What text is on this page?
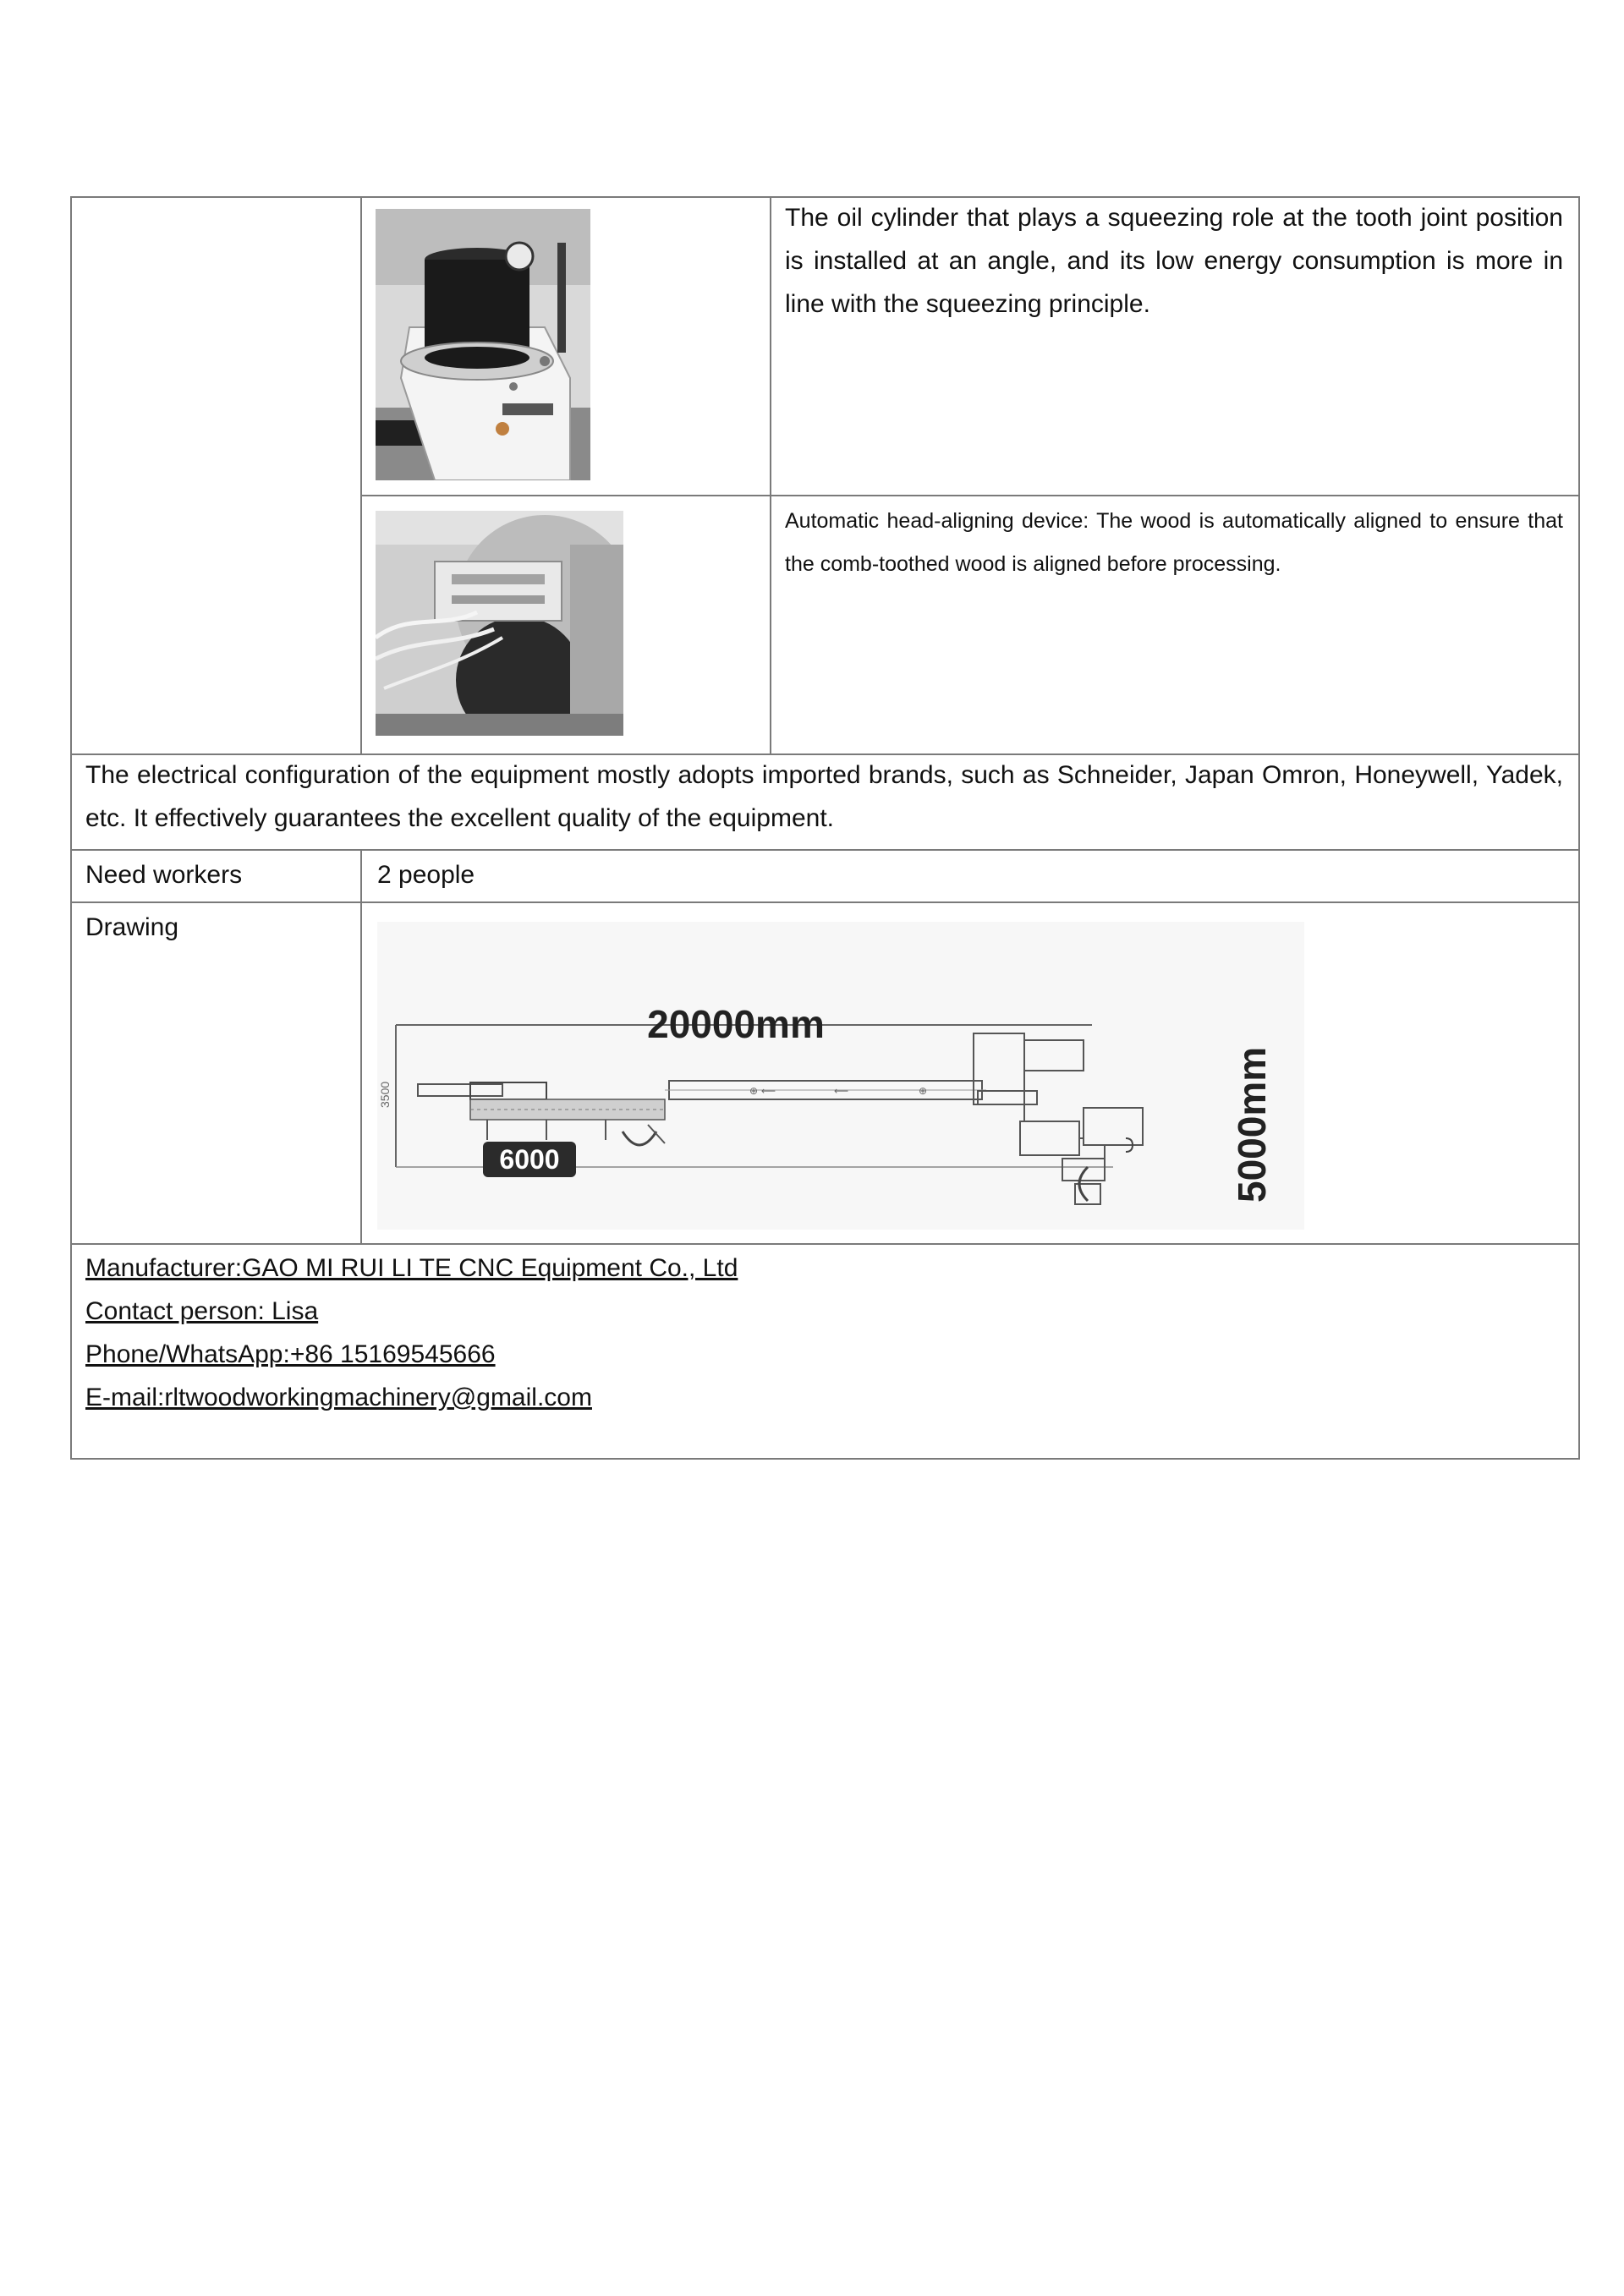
The oil cylinder that plays a squeezing role at the tooth joint position is installed at an angle, and its low energy consumption is more in line with the squeezing principle.
Automatic head-aligning device: The wood is automatically aligned to ensure that the comb-toothed wood is aligned before processing.
The electrical configuration of the equipment mostly adopts imported brands, such as Schneider, Japan Omron, Honeywell, Yadek, etc. It effectively guarantees the excellent quality of the equipment.
Need workers	2 people
Drawing
20000mm
3500
6000
⊕ ⟵	⟵	⊕	5000mm
Manufacturer:GAO MI RUI LI TE CNC Equipment Co., Ltd
Contact person: Lisa
Phone/WhatsApp:+86 15169545666
E-mail:rltwoodworkingmachinery@gmail.com
